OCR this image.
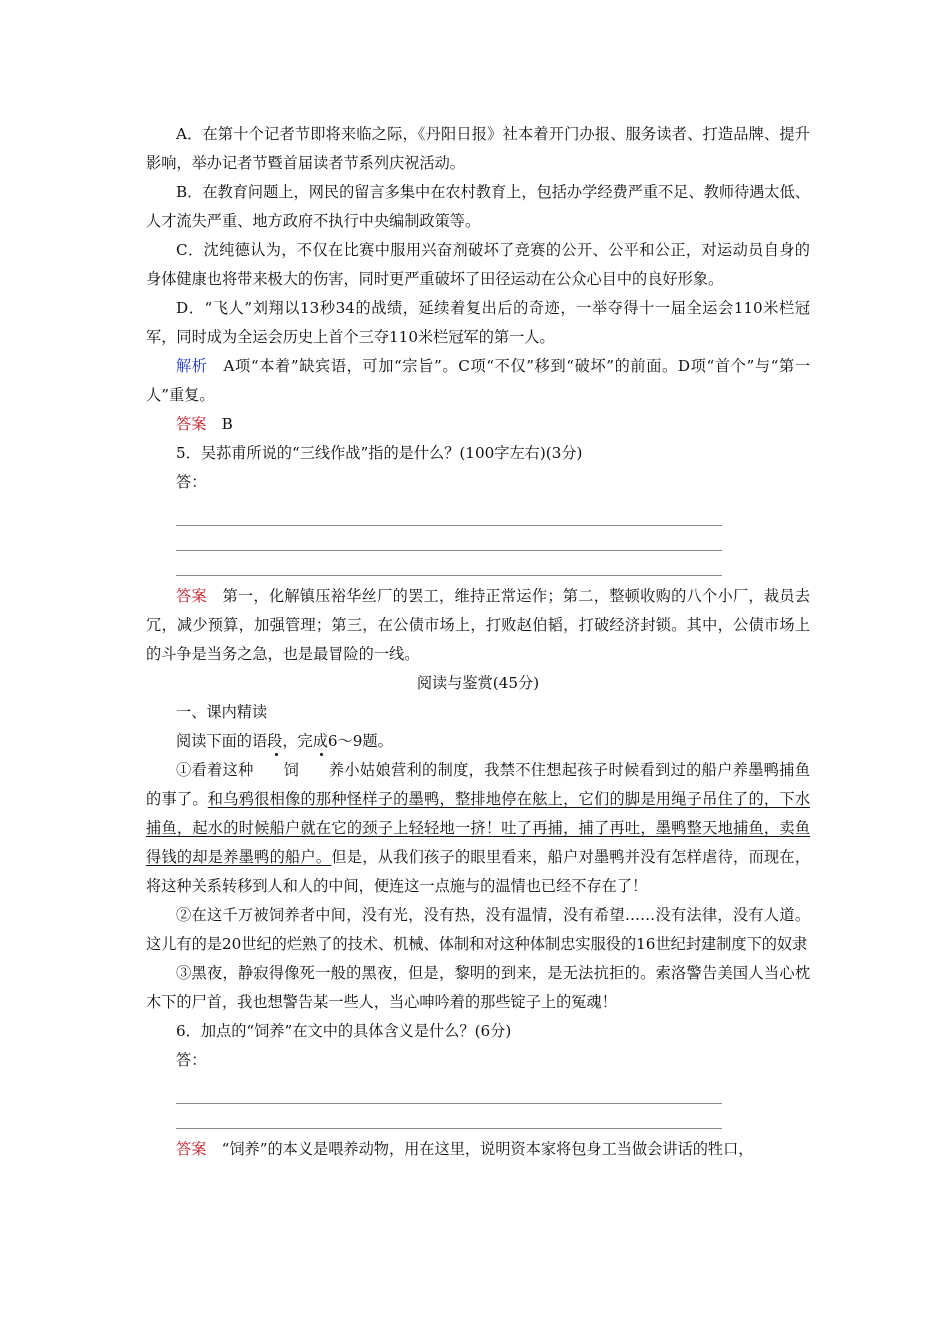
A．在第十个记者节即将来临之际，《丹阳日报》社本着开门办报、服务读者、打造品牌、提升影响，举办记者节暨首届读者节系列庆祝活动。

B．在教育问题上，网民的留言多集中在农村教育上，包括办学经费严重不足、教师待遇太低、人才流失严重、地方政府不执行中央编制政策等。

C．沈纯德认为，不仅在比赛中服用兴奋剂破坏了竞赛的公开、公平和公正，对运动员自身的身体健康也将带来极大的伤害，同时更严重破坏了田径运动在公众心目中的良好形象。

D．“飞人”刘翔以13秒34的战绩，延续着复出后的奇迹，一举夺得十一届全运会110米栏冠军，同时成为全运会历史上首个三夺110米栏冠军的第一人。

解析　 A项“本着”缺宾语，可加“宗旨”。C项“不仅”移到“破坏”的前面。D项“首个”与“第一人”重复。

答案　 B

5．吴荪甫所说的“三线作战”指的是什么？(100字左右)(3分)

答：

答案　 第一，化解镇压裕华丝厂的罢工，维持正常运作；第二，整顿收购的八个小厂，裁员去冗，减少预算，加强管理；第三，在公债市场上，打败赵伯韬，打破经济封锁。其中，公债市场上的斗争是当务之急，也是最冒险的一线。

阅读与鉴赏(45分)

一、课内精读

阅读下面的语段，完成6～9题。

①看着这种 饲 养小姑娘营利的制度，我禁不住想起孩子时候看到过的船户养墨鸭捕鱼的事了。和乌鸦很相像的那种怪样子的墨鸭，整排地停在舷上，它们的脚是用绳子吊住了的，下水捕鱼，起水的时候船户就在它的颈子上轻轻地一挤！吐了再捕，捕了再吐，墨鸭整天地捕鱼，卖鱼得钱的却是养墨鸭的船户。但是，从我们孩子的眼里看来，船户对墨鸭并没有怎样虐待，而现在，将这种关系转移到人和人的中间，便连这一点施与的温情也已经不存在了！

②在这千万被饲养者中间，没有光，没有热，没有温情，没有希望……没有法律，没有人道。这儿有的是20世纪的烂熟了的技术、机械、体制和对这种体制忠实服役的16世纪封建制度下的奴隶

③黑夜，静寂得像死一般的黑夜，但是，黎明的到来，是无法抗拒的。索洛警告美国人当心枕木下的尸首，我也想警告某一些人，当心呻吟着的那些锭子上的冤魂！

6．加点的“饲养”在文中的具体含义是什么？(6分)

答：

答案　 “饲养”的本义是喂养动物，用在这里，说明资本家将包身工当做会讲话的牲口，
